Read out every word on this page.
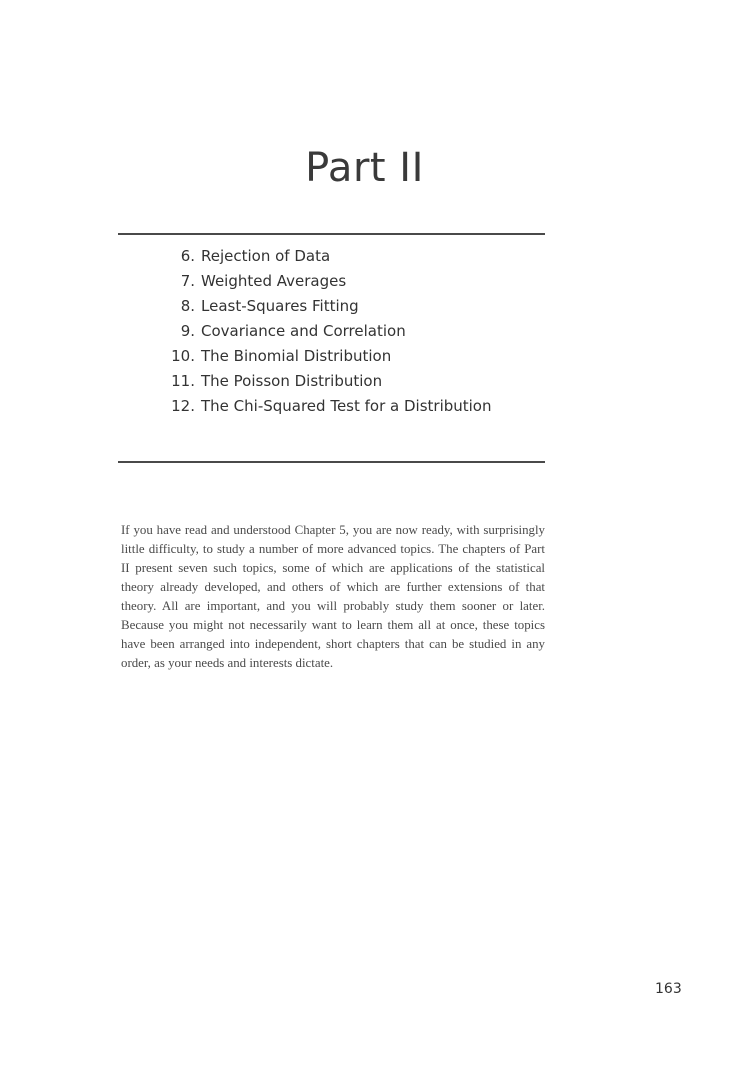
Part II
6. Rejection of Data
7. Weighted Averages
8. Least-Squares Fitting
9. Covariance and Correlation
10. The Binomial Distribution
11. The Poisson Distribution
12. The Chi-Squared Test for a Distribution

If you have read and understood Chapter 5, you are now ready, with surprisingly little difficulty, to study a number of more advanced topics. The chapters of Part II present seven such topics, some of which are applications of the statistical theory already developed, and others of which are further extensions of that theory. All are important, and you will probably study them sooner or later. Because you might not necessarily want to learn them all at once, these topics have been arranged into independent, short chapters that can be studied in any order, as your needs and interests dictate.

163
